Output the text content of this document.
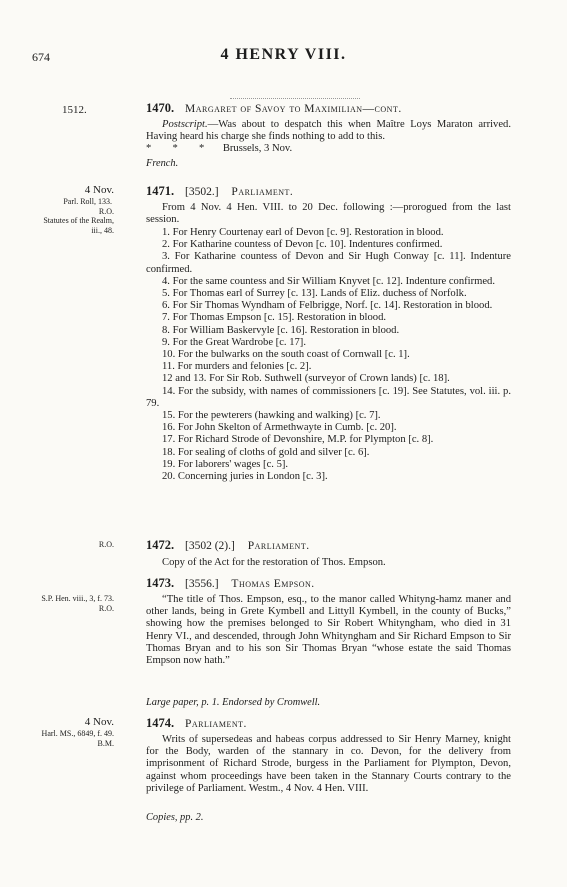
674	4 HENRY VIII.
1512.	1470. Margaret of Savoy to Maximilian—cont.

Postscript.—Was about to despatch this when Maître Loys Maraton arrived. Having heard his charge she finds nothing to add to this.

*        *        * Brussels, 3 Nov.

French.
4 Nov.
Parl. Roll, 133.
R.O.
Statutes of the Realm, iii., 48.
1471. [3502.] Parliament.

From 4 Nov. 4 Hen. VIII. to 20 Dec. following :—prorogued from the last session.

1. For Henry Courtenay earl of Devon [c. 9]. Restoration in blood.

2. For Katharine countess of Devon [c. 10]. Indentures confirmed.

3. For Katharine countess of Devon and Sir Hugh Conway [c. 11]. Indenture confirmed.

4. For the same countess and Sir William Knyvet [c. 12]. Indenture confirmed.

5. For Thomas earl of Surrey [c. 13]. Lands of Eliz. duchess of Norfolk.

6. For Sir Thomas Wyndham of Felbrigge, Norf. [c. 14]. Restoration in blood.

7. For Thomas Empson [c. 15]. Restoration in blood.

8. For William Baskervyle [c. 16]. Restoration in blood.

9. For the Great Wardrobe [c. 17].

10. For the bulwarks on the south coast of Cornwall [c. 1].

11. For murders and felonies [c. 2].

12 and 13. For Sir Rob. Suthwell (surveyor of Crown lands) [c. 18].

14. For the subsidy, with names of commissioners [c. 19]. See Statutes, vol. iii. p. 79.

15. For the pewterers (hawking and walking) [c. 7].

16. For John Skelton of Armethwayte in Cumb. [c. 20].

17. For Richard Strode of Devonshire, M.P. for Plympton [c. 8].

18. For sealing of cloths of gold and silver [c. 6].

19. For laborers' wages [c. 5].

20. Concerning juries in London [c. 3].

R.O.	1472. [3502 (2).] Parliament.

Copy of the Act for the restoration of Thos. Empson.

1473. [3556.] Thomas Empson.
S.P. Hen. viii., 3, f. 73.
R.O.

“The title of Thos. Empson, esq., to the manor called Whityng-hamz maner and other lands, being in Grete Kymbell and Littyll Kymbell, in the county of Bucks,” showing how the premises belonged to Sir Robert Whityngham, who died in 31 Henry VI., and descended, through John Whityngham and Sir Richard Empson to Sir Thomas Bryan and to his son Sir Thomas Bryan “whose estate the said Thomas Empson now hath.”

Large paper, p. 1. Endorsed by Cromwell.
4 Nov.
Harl. MS., 6849, f. 49.
B.M.
1474. Parliament.

Writs of supersedeas and habeas corpus addressed to Sir Henry Marney, knight for the Body, warden of the stannary in co. Devon, for the delivery from imprisonment of Richard Strode, burgess in the Parliament for Plympton, Devon, against whom proceedings have been taken in the Stannary Courts contrary to the privilege of Parliament. Westm., 4 Nov. 4 Hen. VIII.

Copies, pp. 2.
